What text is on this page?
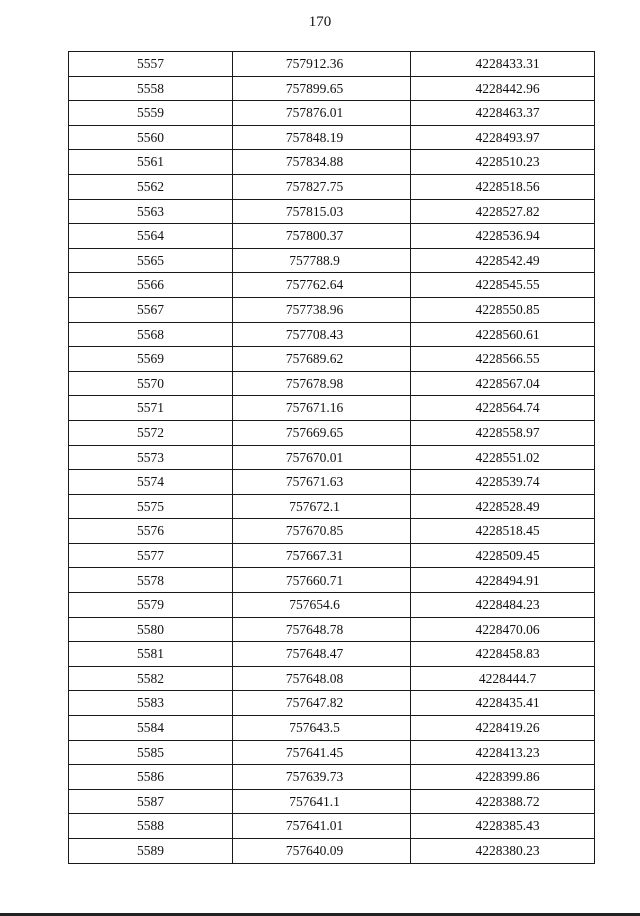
170
5557	757912.36	4228433.31
5558	757899.65	4228442.96
5559	757876.01	4228463.37
5560	757848.19	4228493.97
5561	757834.88	4228510.23
5562	757827.75	4228518.56
5563	757815.03	4228527.82
5564	757800.37	4228536.94
5565	757788.9	4228542.49
5566	757762.64	4228545.55
5567	757738.96	4228550.85
5568	757708.43	4228560.61
5569	757689.62	4228566.55
5570	757678.98	4228567.04
5571	757671.16	4228564.74
5572	757669.65	4228558.97
5573	757670.01	4228551.02
5574	757671.63	4228539.74
5575	757672.1	4228528.49
5576	757670.85	4228518.45
5577	757667.31	4228509.45
5578	757660.71	4228494.91
5579	757654.6	4228484.23
5580	757648.78	4228470.06
5581	757648.47	4228458.83
5582	757648.08	4228444.7
5583	757647.82	4228435.41
5584	757643.5	4228419.26
5585	757641.45	4228413.23
5586	757639.73	4228399.86
5587	757641.1	4228388.72
5588	757641.01	4228385.43
5589	757640.09	4228380.23
